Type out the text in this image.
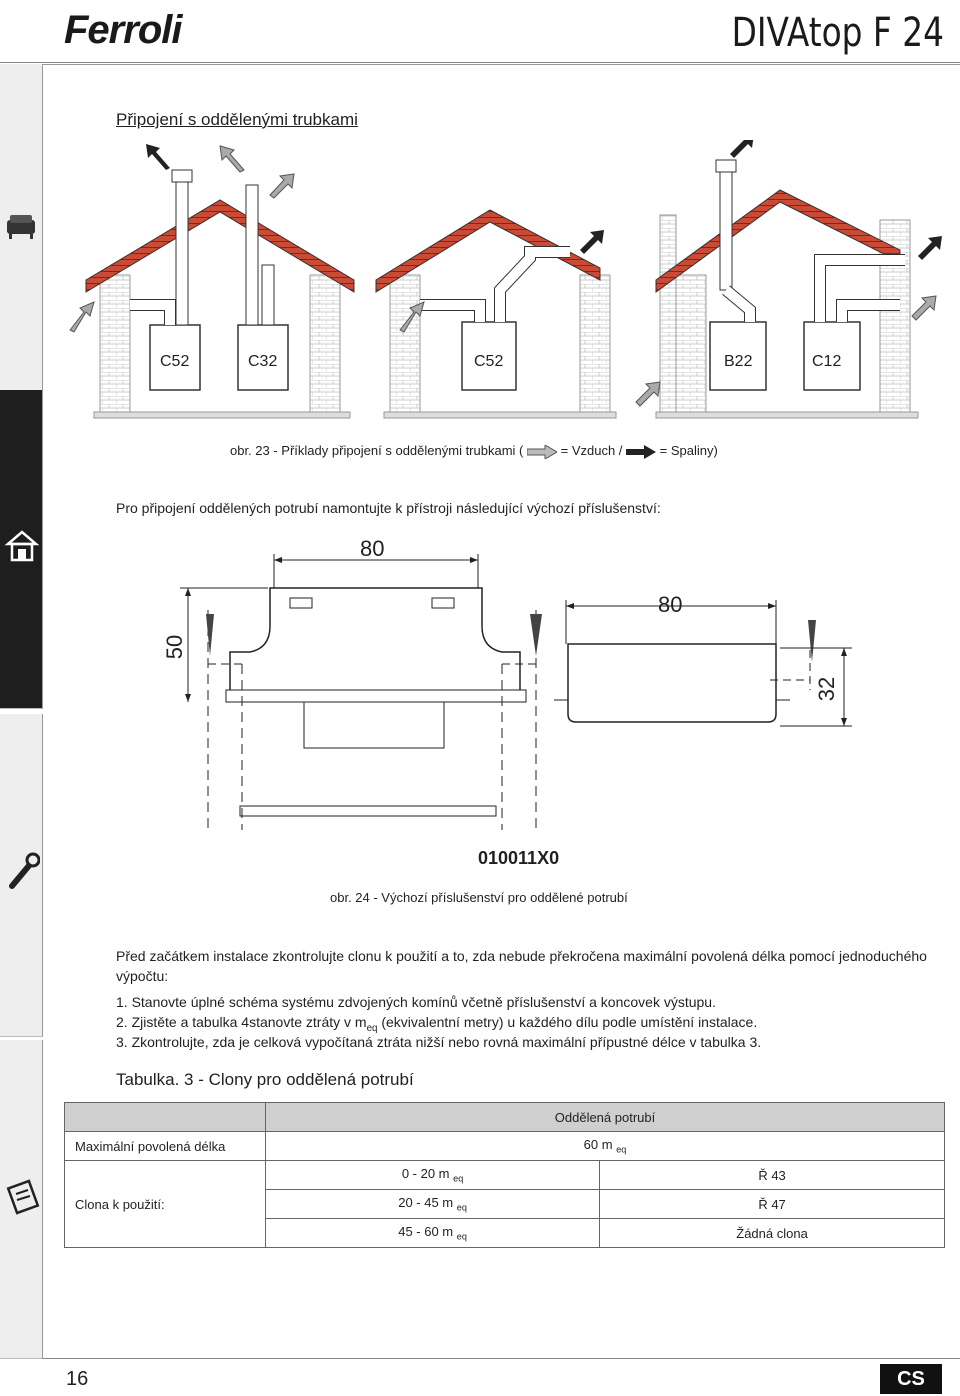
Ferroli	DIVAtop F 24
Připojení s oddělenými trubkami
C52	C32	C52	B22	C12
obr. 23 - Příklady připojení s oddělenými trubkami (	= Vzduch /	= Spaliny)
Pro připojení oddělených potrubí namontujte k přístroji následující výchozí příslušenství:
80
50
80
32
010011X0
obr. 24 - Výchozí příslušenství pro oddělené potrubí
Před začátkem instalace zkontrolujte clonu k použití a to, zda nebude překročena maximální povolená délka pomocí jednoduchého výpočtu:
1. Stanovte úplné schéma systému zdvojených komínů včetně příslušenství a koncovek výstupu.
2. Zjistěte a tabulka 4stanovte ztráty v $m_{eq}$ (ekvivalentní metry) u každého dílu podle umístění instalace.
3. Zkontrolujte, zda je celková vypočítaná ztráta nižší nebo rovná maximální přípustné délce v tabulka 3.
Tabulka. 3 - Clony pro oddělená potrubí
	Oddělená potrubí	
Maximální povolená délka	60 m $_{eq}$
Clona k použití:	0 - 20 m $_{eq}$	Ř 43
	20 - 45 m $_{eq}$	Ř 47
	45 - 60 m $_{eq}$	Žádná clona
16	CS
